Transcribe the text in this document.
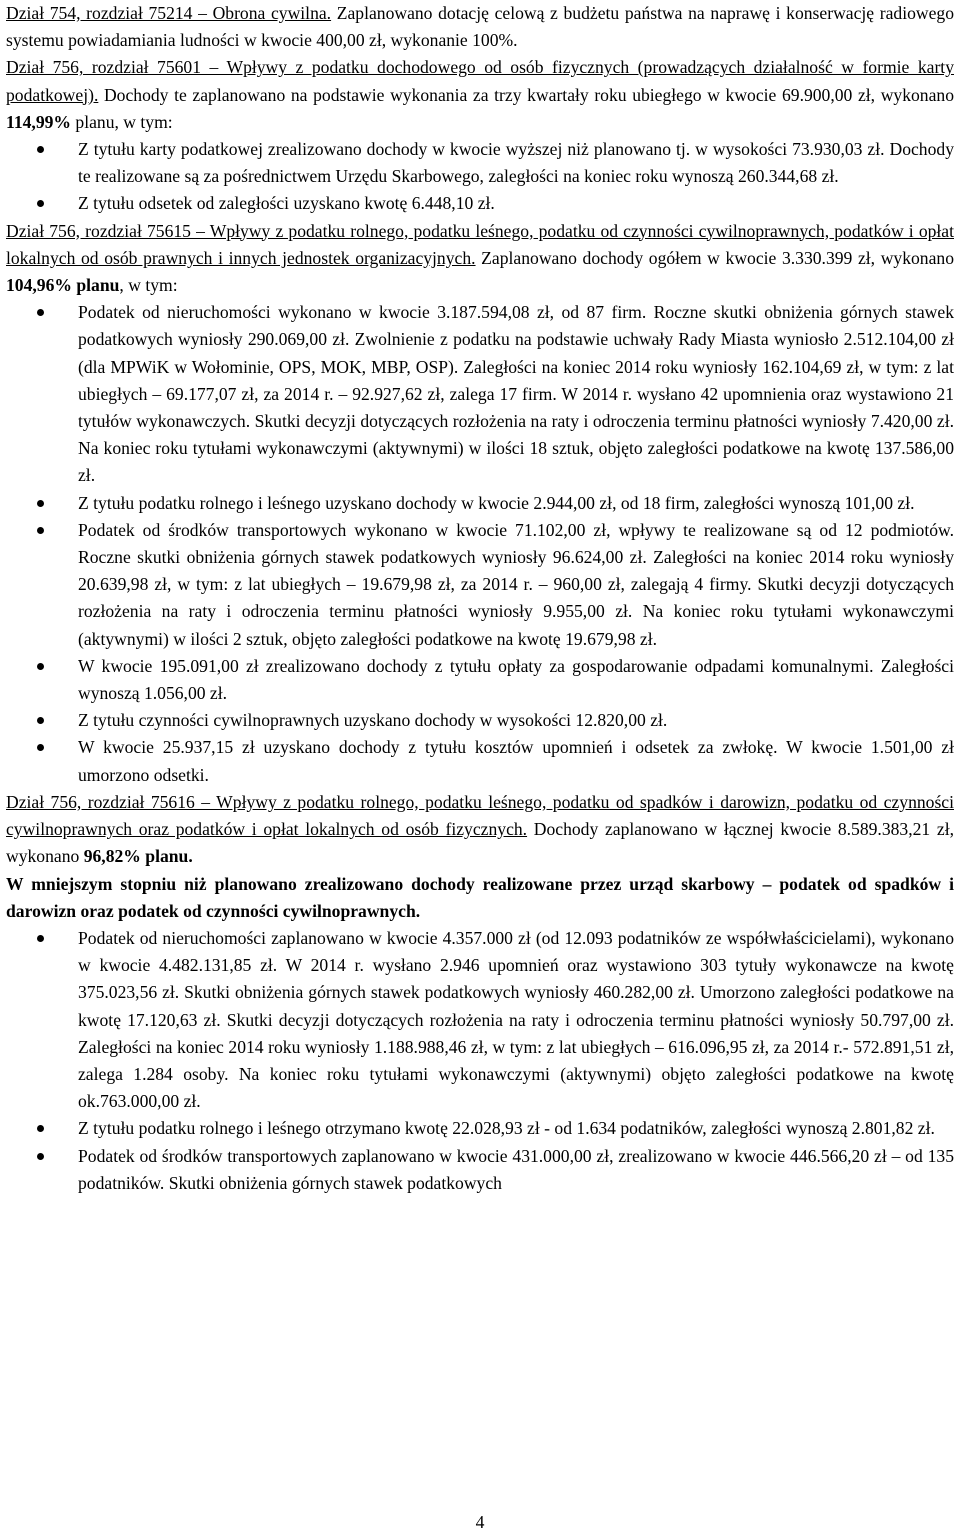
Dział 754, rozdział 75214 – Obrona cywilna. Zaplanowano dotację celową z budżetu państwa na naprawę i konserwację radiowego systemu powiadamiania ludności w kwocie 400,00 zł, wykonanie 100%.

Dział 756, rozdział 75601 – Wpływy z podatku dochodowego od osób fizycznych (prowadzących działalność w formie karty podatkowej). Dochody te zaplanowano na podstawie wykonania za trzy kwartały roku ubiegłego w kwocie 69.900,00 zł, wykonano 114,99% planu, w tym:

Z tytułu karty podatkowej zrealizowano dochody w kwocie wyższej niż planowano tj. w wysokości 73.930,03 zł. Dochody te realizowane są za pośrednictwem Urzędu Skarbowego, zaległości na koniec roku wynoszą 260.344,68 zł.
Z tytułu odsetek od zaległości uzyskano kwotę 6.448,10 zł.

Dział 756, rozdział 75615 – Wpływy z podatku rolnego, podatku leśnego, podatku od czynności cywilnoprawnych, podatków i opłat lokalnych od osób prawnych i innych jednostek organizacyjnych. Zaplanowano dochody ogółem w kwocie 3.330.399 zł, wykonano 104,96% planu, w tym:

Podatek od nieruchomości wykonano w kwocie 3.187.594,08 zł, od 87 firm. Roczne skutki obniżenia górnych stawek podatkowych wyniosły 290.069,00 zł. Zwolnienie z podatku na podstawie uchwały Rady Miasta wyniosło 2.512.104,00 zł (dla MPWiK w Wołominie, OPS, MOK, MBP, OSP). Zaległości na koniec 2014 roku wyniosły 162.104,69 zł, w tym: z lat ubiegłych – 69.177,07 zł, za 2014 r. – 92.927,62 zł, zalega 17 firm. W 2014 r. wysłano 42 upomnienia oraz wystawiono 21 tytułów wykonawczych. Skutki decyzji dotyczących rozłożenia na raty i odroczenia terminu płatności wyniosły 7.420,00 zł. Na koniec roku tytułami wykonawczymi (aktywnymi) w ilości 18 sztuk, objęto zaległości podatkowe na kwotę 137.586,00 zł.
Z tytułu podatku rolnego i leśnego uzyskano dochody w kwocie 2.944,00 zł, od 18 firm, zaległości wynoszą 101,00 zł.
Podatek od środków transportowych wykonano w kwocie 71.102,00 zł, wpływy te realizowane są od 12 podmiotów. Roczne skutki obniżenia górnych stawek podatkowych wyniosły 96.624,00 zł. Zaległości na koniec 2014 roku wyniosły 20.639,98 zł, w tym: z lat ubiegłych – 19.679,98 zł, za 2014 r. – 960,00 zł, zalegają 4 firmy. Skutki decyzji dotyczących rozłożenia na raty i odroczenia terminu płatności wyniosły 9.955,00 zł. Na koniec roku tytułami wykonawczymi (aktywnymi) w ilości 2 sztuk, objęto zaległości podatkowe na kwotę 19.679,98 zł.
W kwocie 195.091,00 zł zrealizowano dochody z tytułu opłaty za gospodarowanie odpadami komunalnymi. Zaległości wynoszą 1.056,00 zł.
Z tytułu czynności cywilnoprawnych uzyskano dochody w wysokości 12.820,00 zł.
W kwocie 25.937,15 zł uzyskano dochody z tytułu kosztów upomnień i odsetek za zwłokę. W kwocie 1.501,00 zł umorzono odsetki.

Dział 756, rozdział 75616 – Wpływy z podatku rolnego, podatku leśnego, podatku od spadków i darowizn, podatku od czynności cywilnoprawnych oraz podatków i opłat lokalnych od osób fizycznych. Dochody zaplanowano w łącznej kwocie 8.589.383,21 zł, wykonano 96,82% planu.

W mniejszym stopniu niż planowano zrealizowano dochody realizowane przez urząd skarbowy – podatek od spadków i darowizn oraz podatek od czynności cywilnoprawnych.

Podatek od nieruchomości zaplanowano w kwocie 4.357.000 zł (od 12.093 podatników ze współwłaścicielami), wykonano w kwocie 4.482.131,85 zł. W 2014 r. wysłano 2.946 upomnień oraz wystawiono 303 tytuły wykonawcze na kwotę 375.023,56 zł. Skutki obniżenia górnych stawek podatkowych wyniosły 460.282,00 zł. Umorzono zaległości podatkowe na kwotę 17.120,63 zł. Skutki decyzji dotyczących rozłożenia na raty i odroczenia terminu płatności wyniosły 50.797,00 zł. Zaległości na koniec 2014 roku wyniosły 1.188.988,46 zł, w tym: z lat ubiegłych – 616.096,95 zł, za 2014 r.- 572.891,51 zł, zalega 1.284 osoby. Na koniec roku tytułami wykonawczymi (aktywnymi) objęto zaległości podatkowe na kwotę ok.763.000,00 zł.
Z tytułu podatku rolnego i leśnego otrzymano kwotę 22.028,93 zł - od 1.634 podatników, zaległości wynoszą 2.801,82 zł.
Podatek od środków transportowych zaplanowano w kwocie 431.000,00 zł, zrealizowano w kwocie 446.566,20 zł – od 135 podatników. Skutki obniżenia górnych stawek podatkowych
4
